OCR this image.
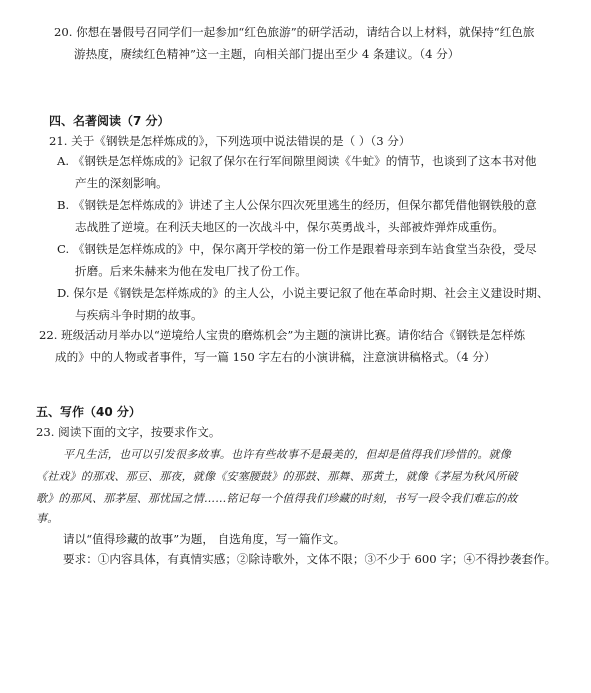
20. 你想在暑假号召同学们一起参加“红色旅游”的研学活动，请结合以上材料，就保持“红色旅
游热度，赓续红色精神”这一主题，向相关部门提出至少 4 条建议。（4 分）
四、名著阅读（7 分）
21. 关于《钢铁是怎样炼成的》，下列选项中说法错误的是（ ）（3 分）
A. 《钢铁是怎样炼成的》记叙了保尔在行军间隙里阅读《牛虻》的情节，也谈到了这本书对他
产生的深刻影响。
B. 《钢铁是怎样炼成的》讲述了主人公保尔四次死里逃生的经历，但保尔都凭借他钢铁般的意
志战胜了逆境。在利沃夫地区的一次战斗中，保尔英勇战斗，头部被炸弹炸成重伤。
C. 《钢铁是怎样炼成的》中，保尔离开学校的第一份工作是跟着母亲到车站食堂当杂役，受尽
折磨。后来朱赫来为他在发电厂找了份工作。
D. 保尔是《钢铁是怎样炼成的》的主人公，小说主要记叙了他在革命时期、社会主义建设时期、
与疾病斗争时期的故事。
22. 班级活动月举办以“逆境给人宝贵的磨炼机会”为主题的演讲比赛。请你结合《钢铁是怎样炼
成的》中的人物或者事件，写一篇 150 字左右的小演讲稿，注意演讲稿格式。（4 分）
五、写作（40 分）
23. 阅读下面的文字，按要求作文。
平凡生活，也可以引发很多故事。也许有些故事不是最美的，但却是值得我们珍惜的。就像
《社戏》的那戏、那豆、那夜，就像《安塞腰鼓》的那鼓、那舞、那黄土，就像《茅屋为秋风所破
歌》的那风、那茅屋、那忧国之情……铭记每一个值得我们珍藏的时刻，书写一段令我们难忘的故
事。
请以“值得珍藏的故事”为题， 自选角度，写一篇作文。
要求：①内容具体，有真情实感；②除诗歌外，文体不限；③不少于 600 字；④不得抄袭套作。
